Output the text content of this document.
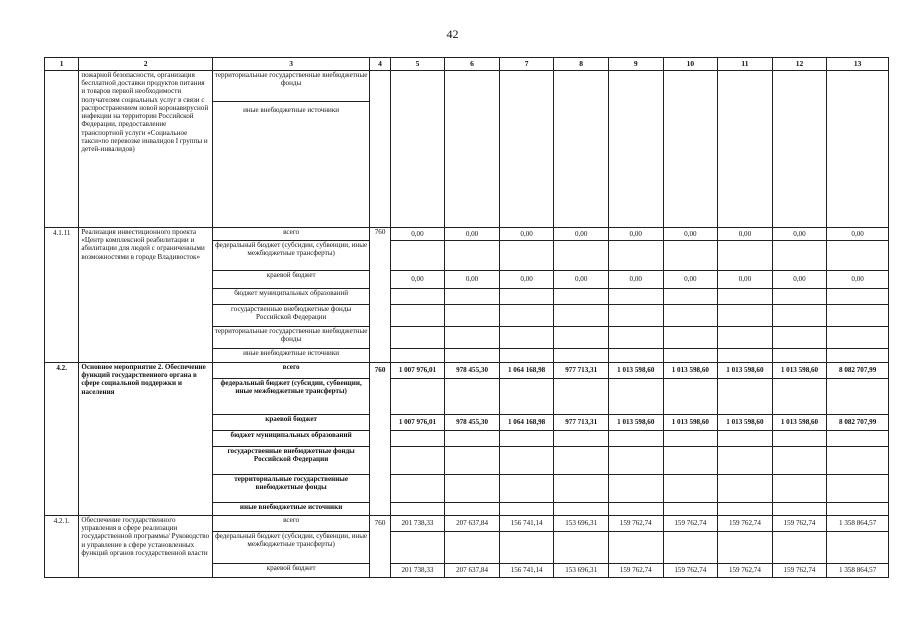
42
1	2	3	4	5	6	7	8	9	10	11	12	13
	пожарной безопасности, организация бесплатной доставки продуктов питания и товаров первой необходимости получателям социальных услуг в связи с распространением новой коронавирусной инфекции на территории Российской Федерации, предоставление транспортной услуги «Социальное такси»по перевозке инвалидов I группы и детей-инвалидов)	территориальные государственные внебюджетные фонды										
		иные внебюджетные источники										
4.1.11	Реализация инвестиционного проекта «Центр комплексной реабилитации и абилитации для людей с ограниченными возможностями в городе Владивосток»	всего	760	0,00	0,00	0,00	0,00	0,00	0,00	0,00	0,00	0,00
		федеральный бюджет (субсидии, субвенции, иные межбюджетные трансферты)										
		краевой бюджет		0,00	0,00	0,00	0,00	0,00	0,00	0,00	0,00	0,00
		бюджет муниципальных образований										
		государственные внебюджетные фонды Российской Федерации										
		территориальные государственные внебюджетные фонды										
		иные внебюджетные источники										
4.2.	Основное мероприятие 2. Обеспечение функций государственного органа в сфере социальной поддержки и населения	всего	760	1 007 976,01	978 455,30	1 064 168,98	977 713,31	1 013 598,60	1 013 598,60	1 013 598,60	1 013 598,60	8 082 707,99
		федеральный бюджет (субсидии, субвенции, иные межбюджетные трансферты)										
		краевой бюджет		1 007 976,01	978 455,30	1 064 168,98	977 713,31	1 013 598,60	1 013 598,60	1 013 598,60	1 013 598,60	8 082 707,99
		бюджет муниципальных образований										
		государственные внебюджетные фонды Российской Федерации										
		территориальные государственные внебюджетные фонды										
		иные внебюджетные источники										
4.2.1.	Обеспечение государственного управления в сфере реализации государственной программы/ Руководство и управление в сфере установленных функций органов государственной власти	всего	760	201 738,33	207 637,84	156 741,14	153 696,31	159 762,74	159 762,74	159 762,74	159 762,74	1 358 864,57
		федеральный бюджет (субсидии, субвенции, иные межбюджетные трансферты)										
		краевой бюджет		201 738,33	207 637,84	156 741,14	153 696,31	159 762,74	159 762,74	159 762,74	159 762,74	1 358 864,57
